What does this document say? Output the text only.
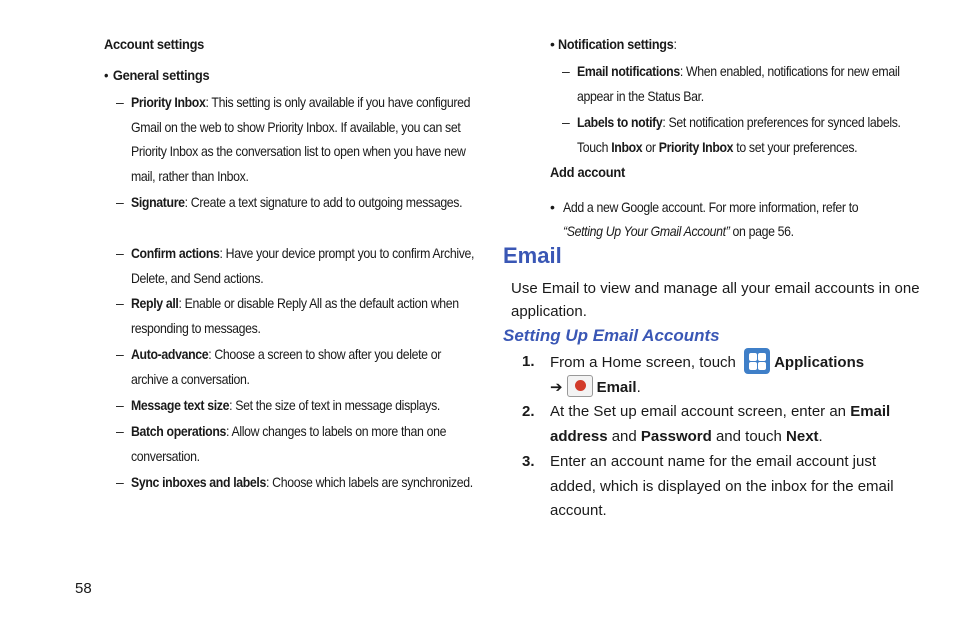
Account settings
• General settings
– Priority Inbox: This setting is only available if you have configured Gmail on the web to show Priority Inbox. If available, you can set Priority Inbox as the conversation list to open when you have new mail, rather than Inbox.
– Signature: Create a text signature to add to outgoing messages.
– Confirm actions: Have your device prompt you to confirm Archive, Delete, and Send actions.
– Reply all: Enable or disable Reply All as the default action when responding to messages.
– Auto-advance: Choose a screen to show after you delete or archive a conversation.
– Message text size: Set the size of text in message displays.
– Batch operations: Allow changes to labels on more than one conversation.
– Sync inboxes and labels: Choose which labels are synchronized.
• Notification settings:
– Email notifications: When enabled, notifications for new email appear in the Status Bar.
– Labels to notify: Set notification preferences for synced labels. Touch Inbox or Priority Inbox to set your preferences.
Add account
• Add a new Google account. For more information, refer to
“Setting Up Your Gmail Account” on page 56.
Email
Use Email to view and manage all your email accounts in one application.
Setting Up Email Accounts
1. From a Home screen, touch
Applications
➔ Email.
2. At the Set up email account screen, enter an Email address and Password and touch Next.
3. Enter an account name for the email account just added, which is displayed on the inbox for the email account.
58
